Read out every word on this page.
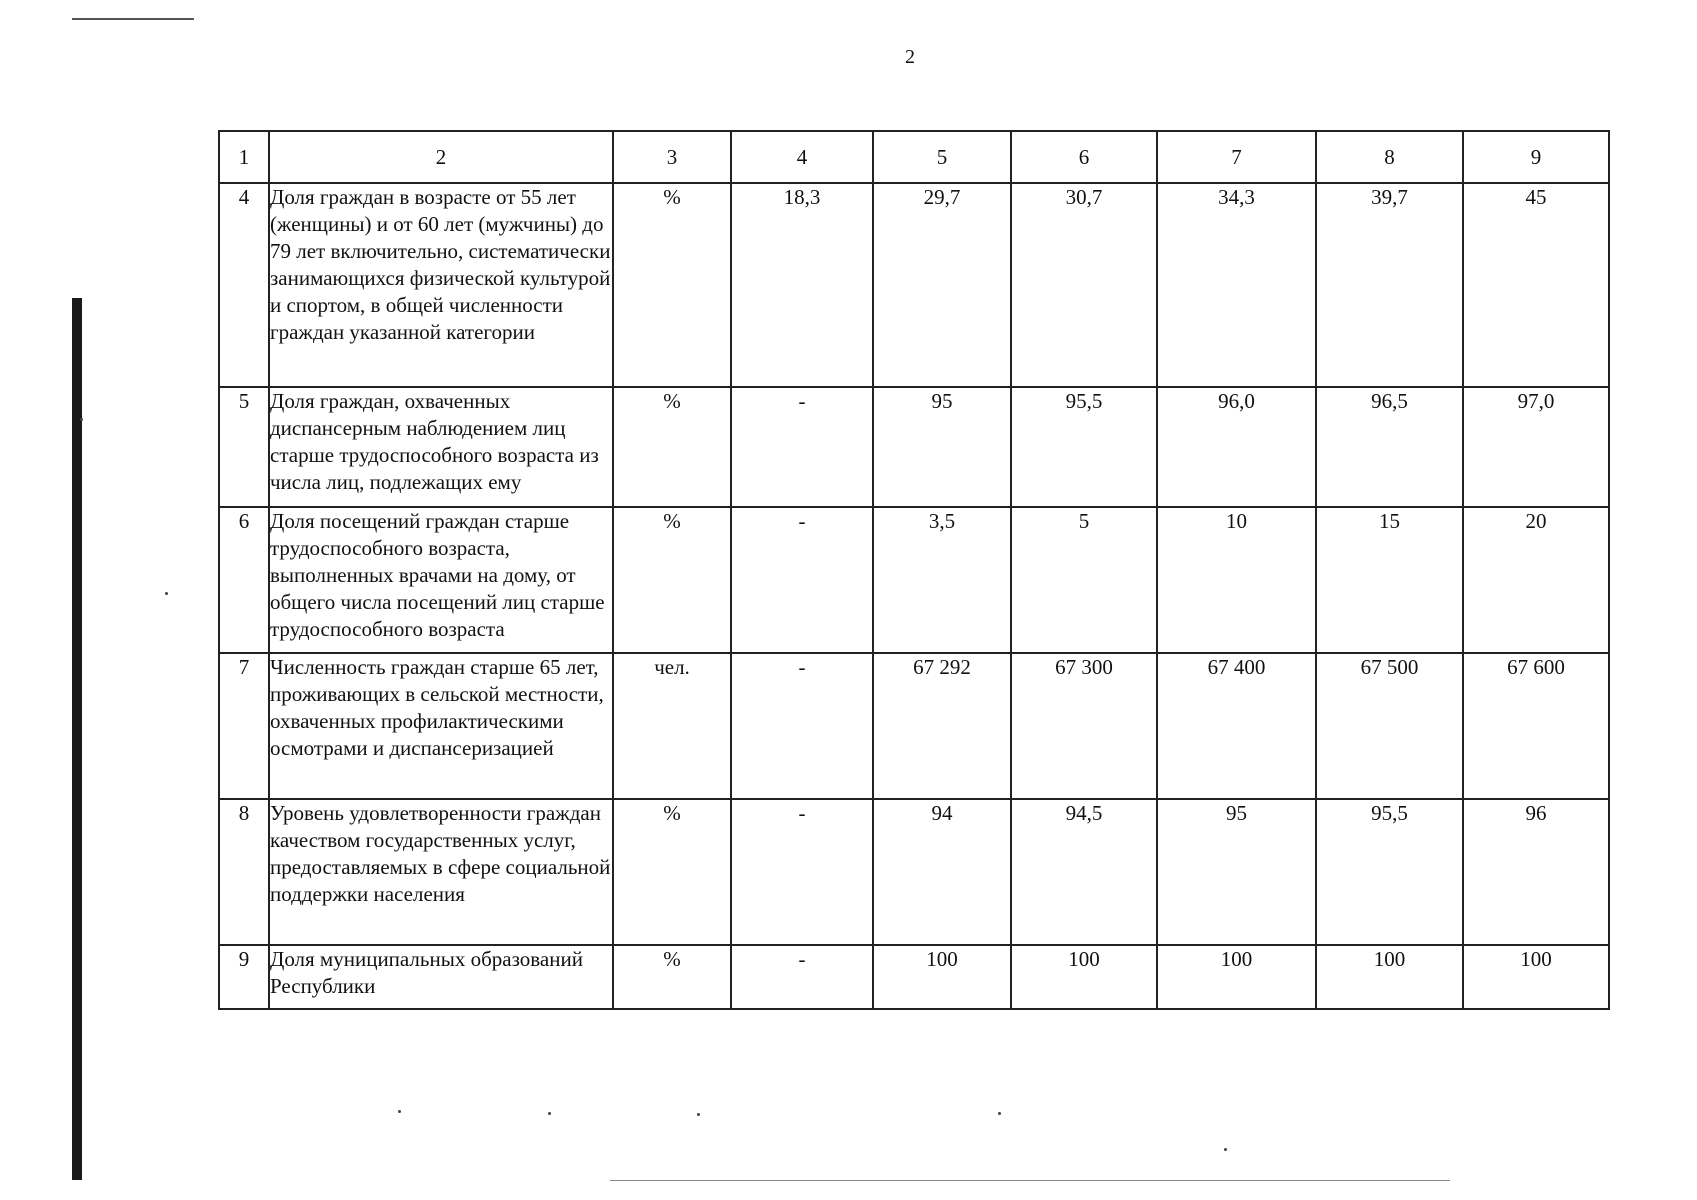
2
1	2	3	4	5	6	7	8	9
4	Доля граждан в возрасте от 55 лет (женщины) и от 60 лет (мужчины) до 79 лет включительно, систематически занимающихся физической культурой и спортом, в общей численности граждан указанной категории	%	18,3	29,7	30,7	34,3	39,7	45
5	Доля граждан, охваченных диспансерным наблюдением лиц старше трудоспособного возраста из числа лиц, подлежащих ему	%	-	95	95,5	96,0	96,5	97,0
6	Доля посещений граждан старше трудоспособного возраста, выполненных врачами на дому, от общего числа посещений лиц старше трудоспособного возраста	%	-	3,5	5	10	15	20
7	Численность граждан старше 65 лет, проживающих в сельской местности, охваченных профилактическими осмотрами и диспансеризацией	чел.	-	67 292	67 300	67 400	67 500	67 600
8	Уровень удовлетворенности граждан качеством государственных услуг, предоставляемых в сфере социальной поддержки населения	%	-	94	94,5	95	95,5	96
9	Доля муниципальных образований Республики	%	-	100	100	100	100	100
